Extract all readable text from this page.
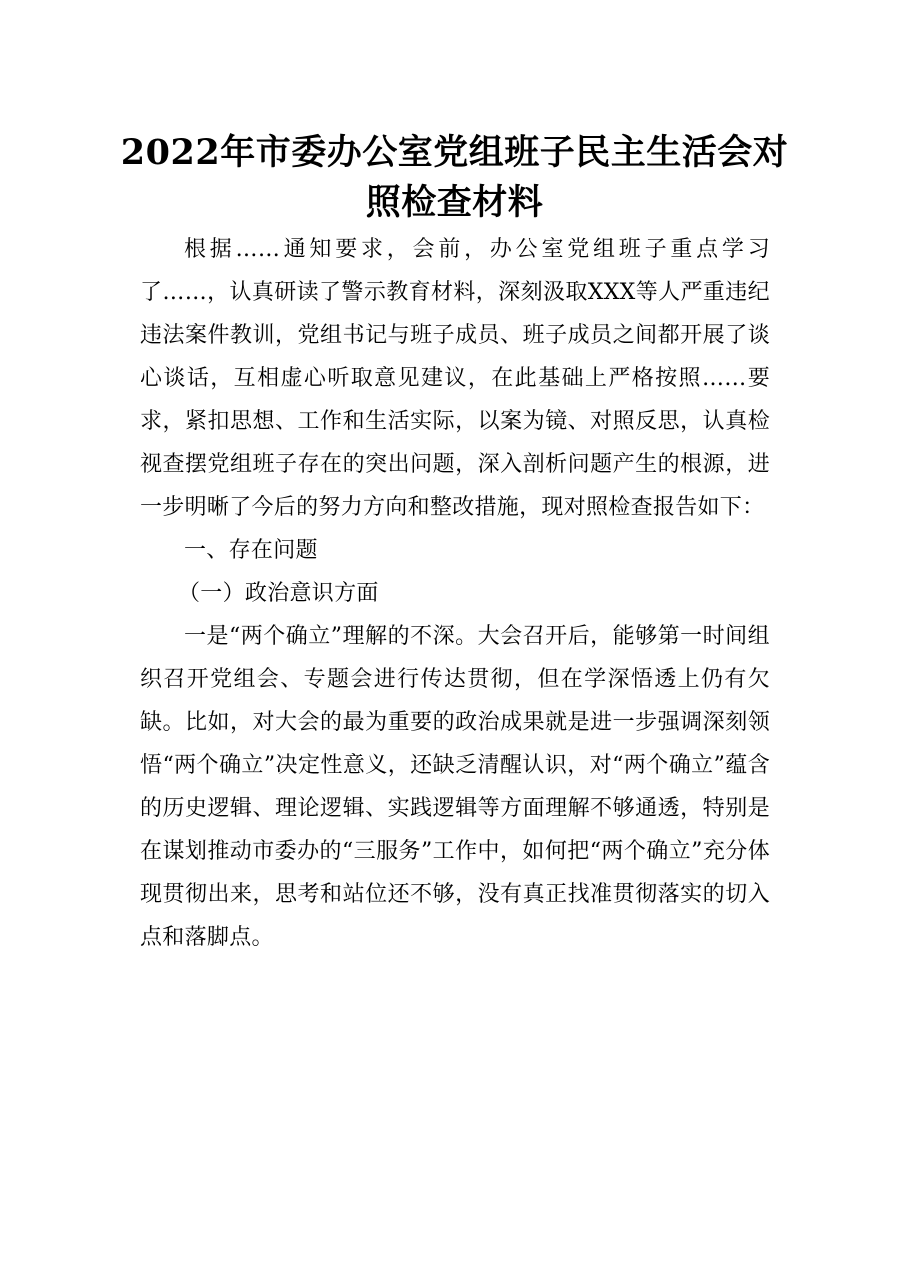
2022年市委办公室党组班子民主生活会对
照检查材料

根据……通知要求，会前，办公室党组班子重点学习了……，认真研读了警示教育材料，深刻汲取XXX等人严重违纪违法案件教训，党组书记与班子成员、班子成员之间都开展了谈心谈话，互相虚心听取意见建议，在此基础上严格按照……要求，紧扣思想、工作和生活实际，以案为镜、对照反思，认真检视查摆党组班子存在的突出问题，深入剖析问题产生的根源，进一步明晰了今后的努力方向和整改措施，现对照检查报告如下：

一、存在问题

（一）政治意识方面

一是“两个确立”理解的不深。大会召开后，能够第一时间组织召开党组会、专题会进行传达贯彻，但在学深悟透上仍有欠缺。比如，对大会的最为重要的政治成果就是进一步强调深刻领悟“两个确立”决定性意义，还缺乏清醒认识，对“两个确立”蕴含的历史逻辑、理论逻辑、实践逻辑等方面理解不够通透，特别是在谋划推动市委办的“三服务”工作中，如何把“两个确立”充分体现贯彻出来，思考和站位还不够，没有真正找准贯彻落实的切入点和落脚点。
